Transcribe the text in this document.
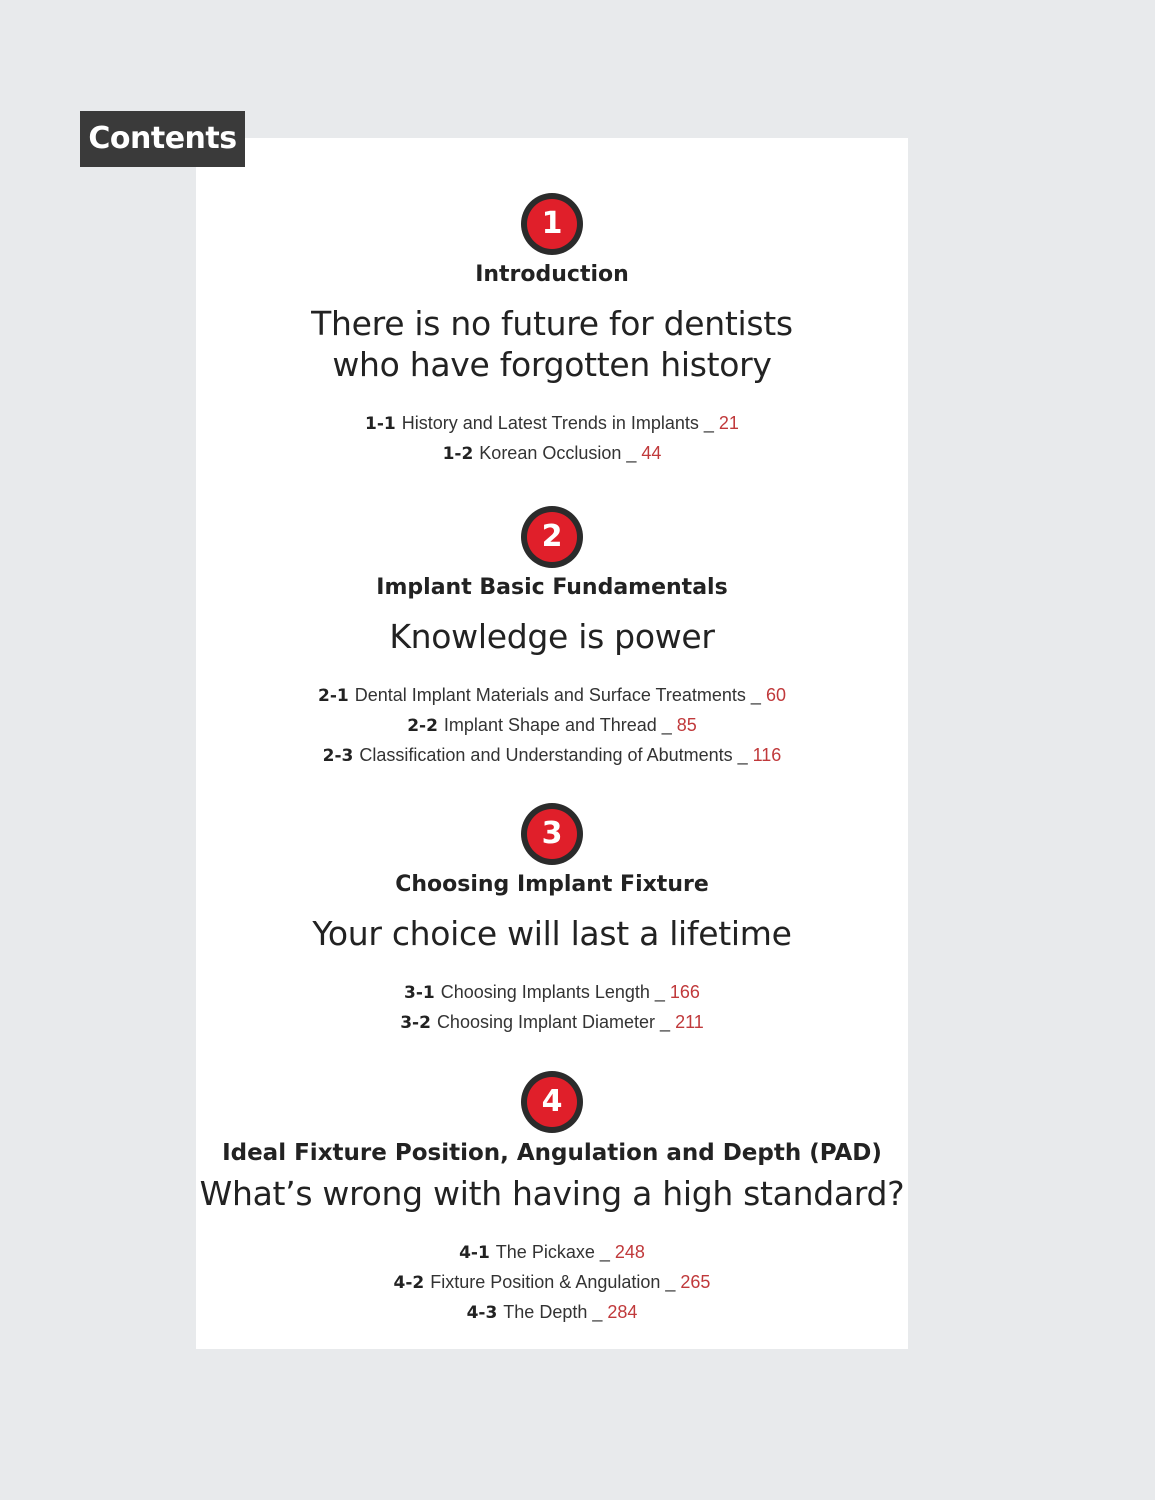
Contents
1
Introduction
There is no future for dentists
who have forgotten history
1-1 History and Latest Trends in Implants _ 21
1-2 Korean Occlusion _ 44
2
Implant Basic Fundamentals
Knowledge is power
2-1 Dental Implant Materials and Surface Treatments _ 60
2-2 Implant Shape and Thread _ 85
2-3 Classification and Understanding of Abutments _ 116
3
Choosing Implant Fixture
Your choice will last a lifetime
3-1 Choosing Implants Length _ 166
3-2 Choosing Implant Diameter _ 211
4
Ideal Fixture Position, Angulation and Depth (PAD)
What’s wrong with having a high standard?
4-1 The Pickaxe _ 248
4-2 Fixture Position & Angulation _ 265
4-3 The Depth _ 284
